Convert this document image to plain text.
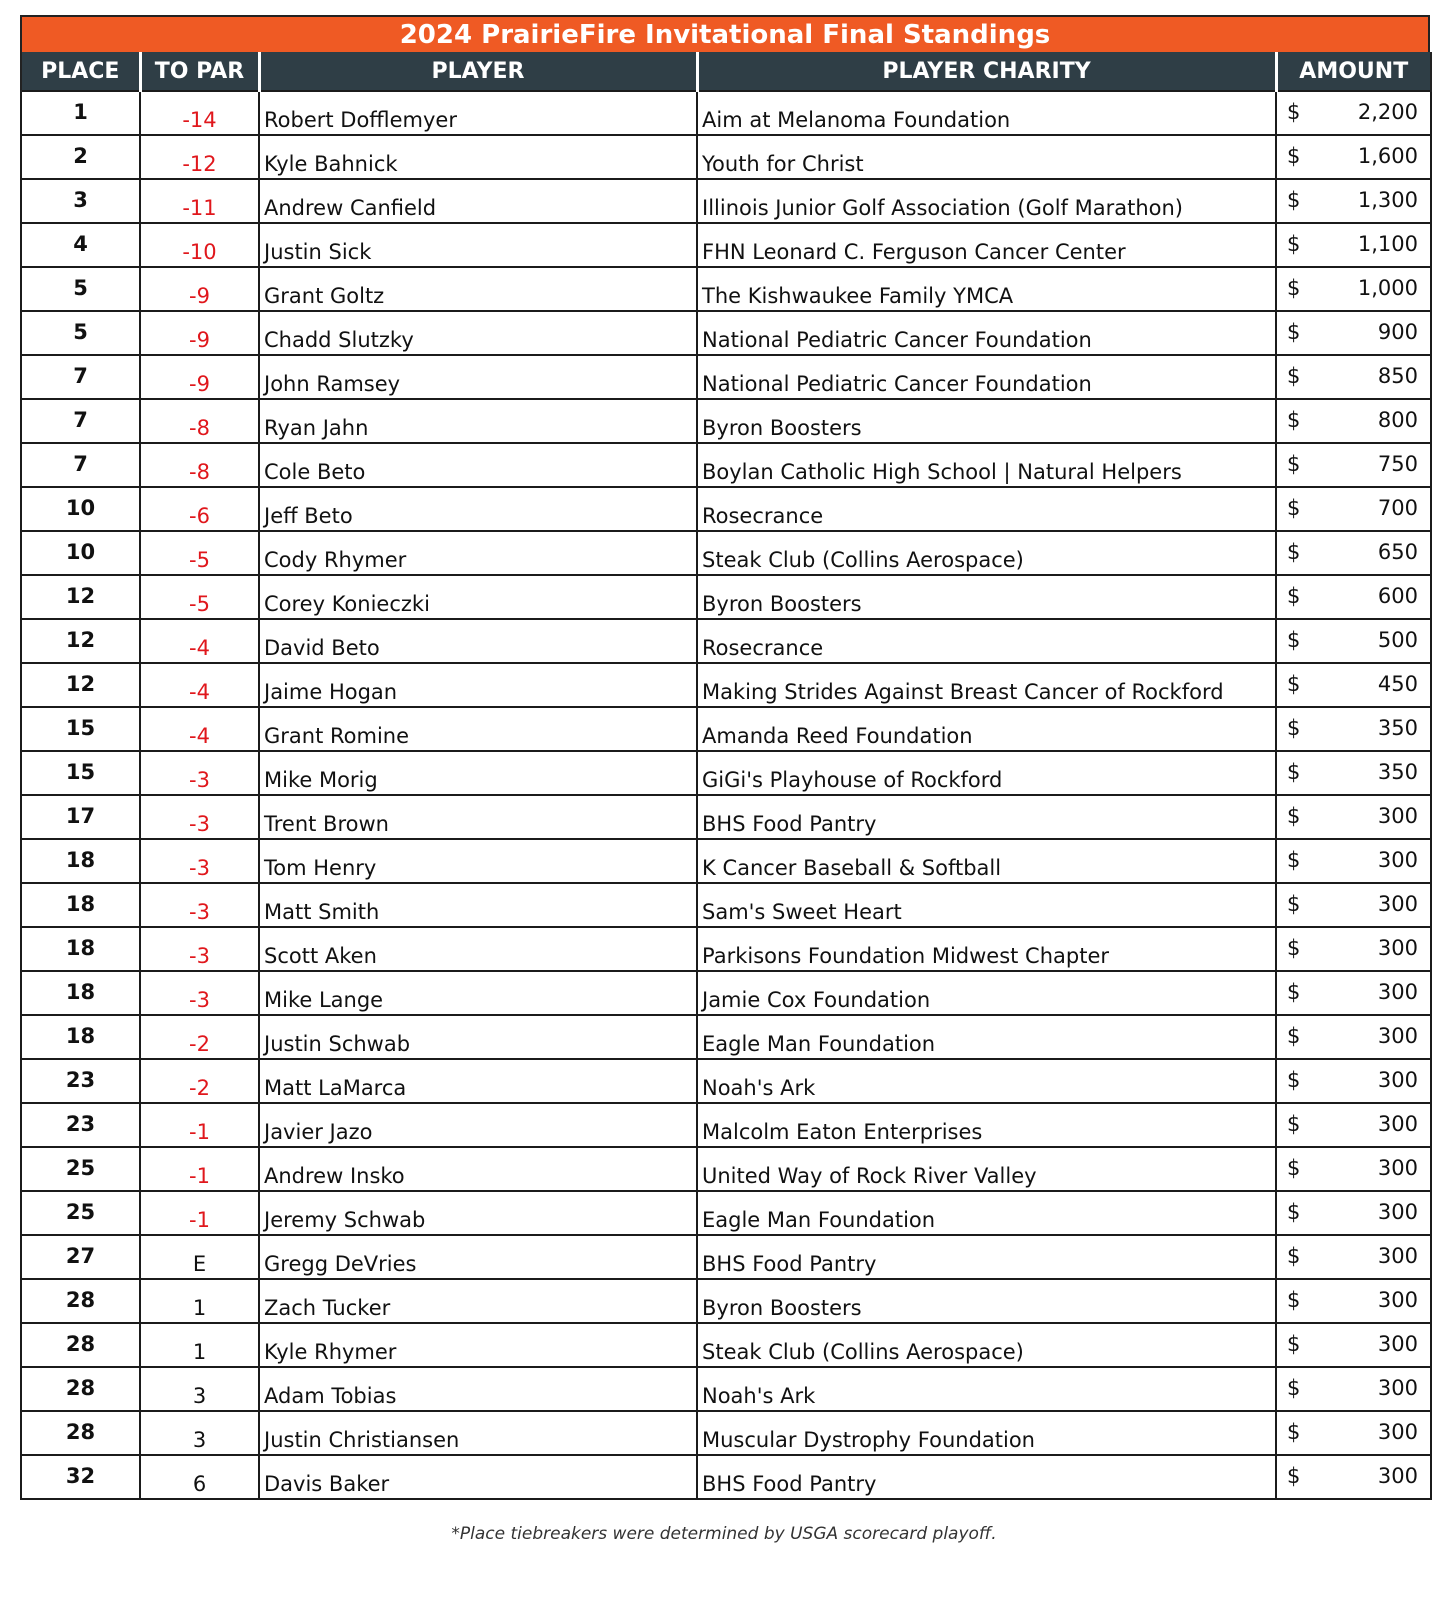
2024 PrairieFire Invitational Final Standings
PLACE	TO PAR	PLAYER	PLAYER CHARITY	AMOUNT
1	-14	Robert Dofflemyer	Aim at Melanoma Foundation	$ 2,200

2	-12	Kyle Bahnick	Youth for Christ	$ 1,600

3	-11	Andrew Canfield	Illinois Junior Golf Association (Golf Marathon)	$ 1,300

4	-10	Justin Sick	FHN Leonard C. Ferguson Cancer Center	$ 1,100

5	-9	Grant Goltz	The Kishwaukee Family YMCA	$ 1,000

5	-9	Chadd Slutzky	National Pediatric Cancer Foundation	$ 900

7	-9	John Ramsey	National Pediatric Cancer Foundation	$ 850

7	-8	Ryan Jahn	Byron Boosters	$ 800

7	-8	Cole Beto	Boylan Catholic High School | Natural Helpers	$ 750

10	-6	Jeff Beto	Rosecrance	$ 700

10	-5	Cody Rhymer	Steak Club (Collins Aerospace)	$ 650

12	-5	Corey Konieczki	Byron Boosters	$ 600

12	-4	David Beto	Rosecrance	$ 500

12	-4	Jaime Hogan	Making Strides Against Breast Cancer of Rockford	$ 450

15	-4	Grant Romine	Amanda Reed Foundation	$ 350

15	-3	Mike Morig	GiGi's Playhouse of Rockford	$ 350

17	-3	Trent Brown	BHS Food Pantry	$ 300

18	-3	Tom Henry	K Cancer Baseball & Softball	$ 300

18	-3	Matt Smith	Sam's Sweet Heart	$ 300

18	-3	Scott Aken	Parkisons Foundation Midwest Chapter	$ 300

18	-3	Mike Lange	Jamie Cox Foundation	$ 300

18	-2	Justin Schwab	Eagle Man Foundation	$ 300

23	-2	Matt LaMarca	Noah's Ark	$ 300

23	-1	Javier Jazo	Malcolm Eaton Enterprises	$ 300

25	-1	Andrew Insko	United Way of Rock River Valley	$ 300

25	-1	Jeremy Schwab	Eagle Man Foundation	$ 300

27	E	Gregg DeVries	BHS Food Pantry	$ 300

28	1	Zach Tucker	Byron Boosters	$ 300

28	1	Kyle Rhymer	Steak Club (Collins Aerospace)	$ 300

28	3	Adam Tobias	Noah's Ark	$ 300

28	3	Justin Christiansen	Muscular Dystrophy Foundation	$ 300

32	6	Davis Baker	BHS Food Pantry	$ 300
*Place tiebreakers were determined by USGA scorecard playoff.
